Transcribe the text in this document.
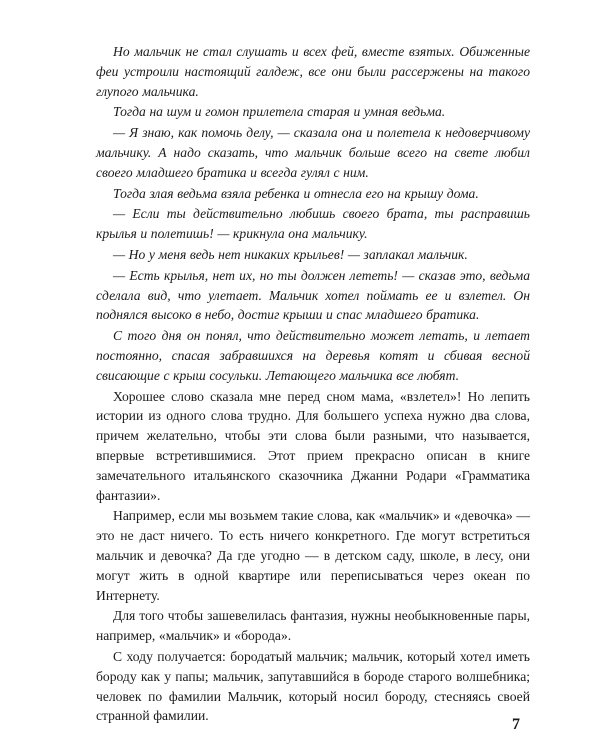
Но мальчик не стал слушать и всех фей, вместе взятых. Обиженные феи устроили настоящий галдеж, все они были рассержены на такого глупого мальчика.

Тогда на шум и гомон прилетела старая и умная ведьма.

— Я знаю, как помочь делу, — сказала она и полетела к недоверчивому мальчику. А надо сказать, что мальчик больше всего на свете любил своего младшего братика и всегда гулял с ним.

Тогда злая ведьма взяла ребенка и отнесла его на крышу дома.

— Если ты действительно любишь своего брата, ты расправишь крылья и полетишь! — крикнула она мальчику.

— Но у меня ведь нет никаких крыльев! — заплакал мальчик.

— Есть крылья, нет их, но ты должен лететь! — сказав это, ведьма сделала вид, что улетает. Мальчик хотел поймать ее и взлетел. Он поднялся высоко в небо, достиг крыши и спас младшего братика.

С того дня он понял, что действительно может летать, и летает постоянно, спасая забравшихся на деревья котят и сбивая весной свисающие с крыш сосульки. Летающего мальчика все любят.

Хорошее слово сказала мне перед сном мама, «взлетел»! Но лепить истории из одного слова трудно. Для большего успеха нужно два слова, причем желательно, чтобы эти слова были разными, что называется, впервые встретившимися. Этот прием прекрасно описан в книге замечательного итальянского сказочника Джанни Родари «Грамматика фантазии».

Например, если мы возьмем такие слова, как «мальчик» и «девочка» — это не даст ничего. То есть ничего конкретного. Где могут встретиться мальчик и девочка? Да где угодно — в детском саду, школе, в лесу, они могут жить в одной квартире или переписываться через океан по Интернету.

Для того чтобы зашевелилась фантазия, нужны необыкновенные пары, например, «мальчик» и «борода».

С ходу получается: бородатый мальчик; мальчик, который хотел иметь бороду как у папы; мальчик, запутавшийся в бороде старого волшебника; человек по фамилии Мальчик, который носил бороду, стесняясь своей странной фамилии.

7
